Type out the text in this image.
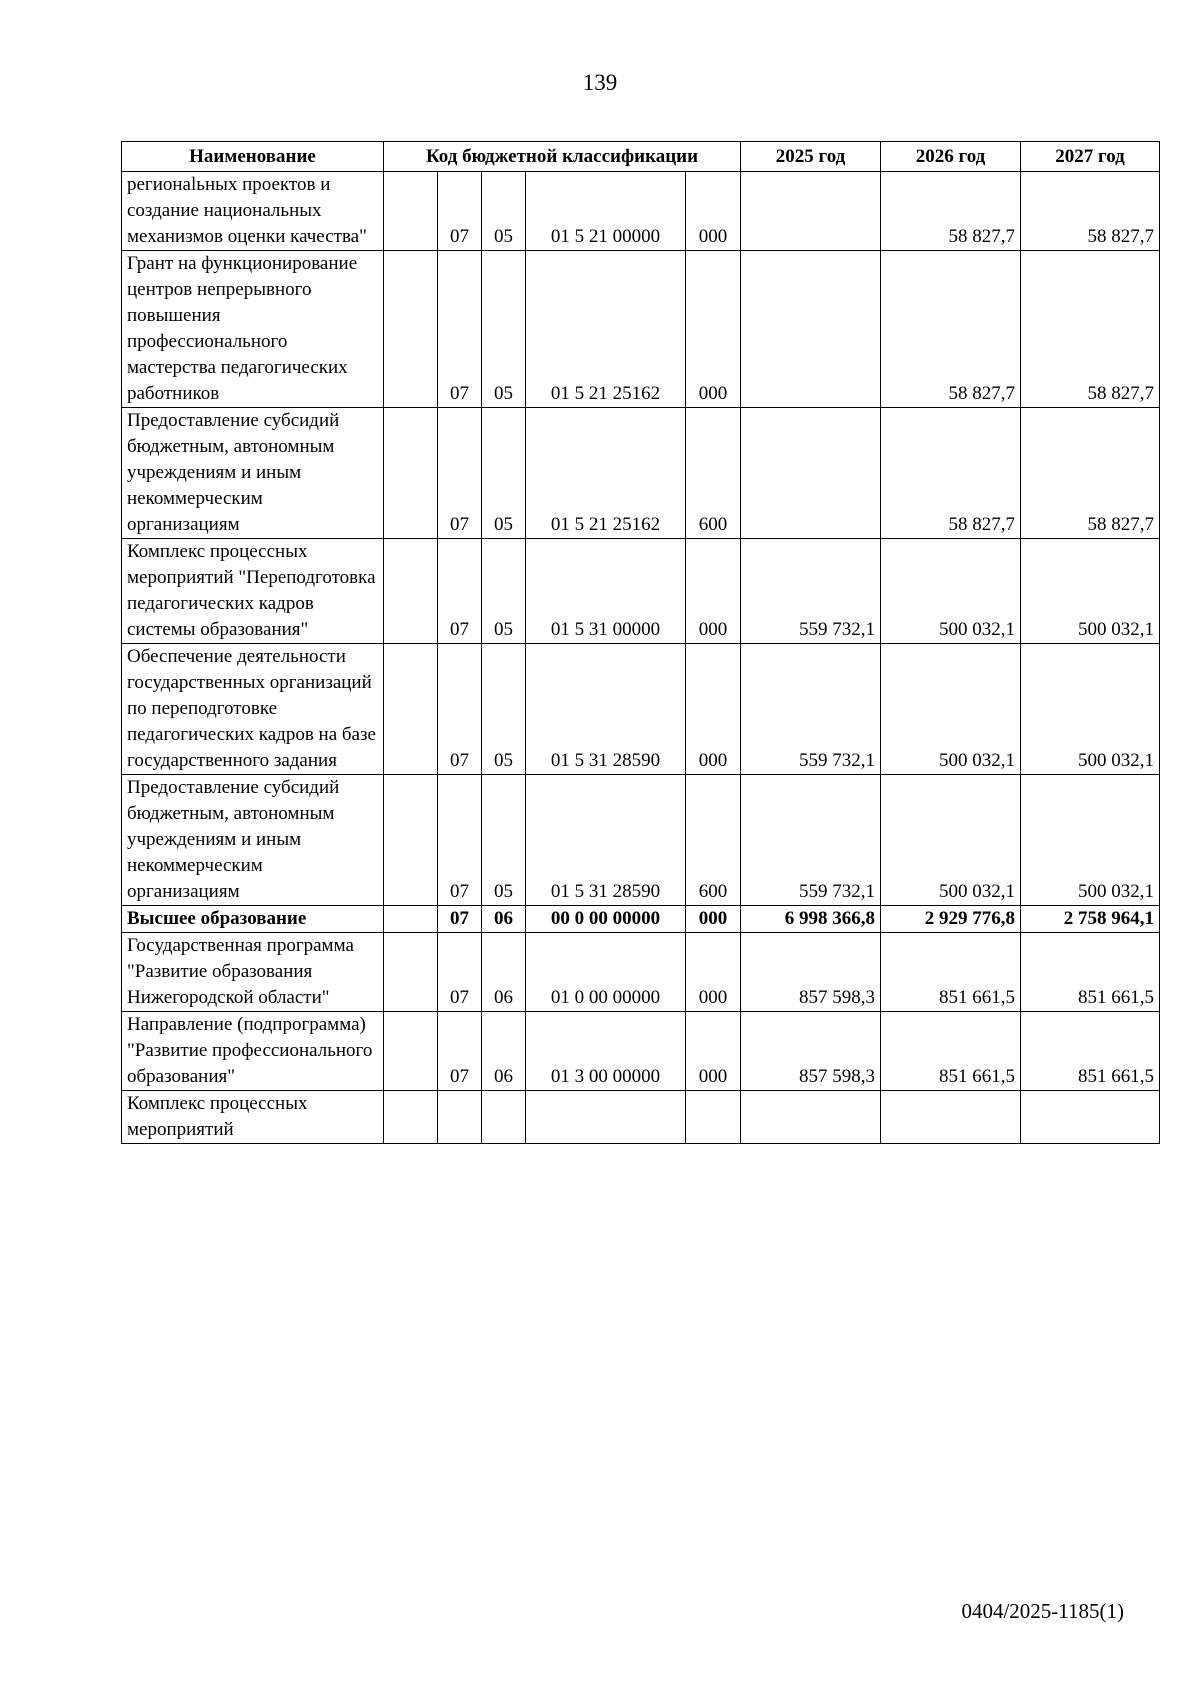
139
Наименование	Код бюджетной классификации					2025 год	2026 год	2027 год
регионalьных проектов и создание национальных механизмов оценки качества"		07	05	01 5 21 00000	000		58 827,7	58 827,7
Грант на функционирование центров непрерывного повышения профессионального мастерства педагогических работников		07	05	01 5 21 25162	000		58 827,7	58 827,7
Предоставление субсидий бюджетным, автономным учреждениям и иным некоммерческим организациям		07	05	01 5 21 25162	600		58 827,7	58 827,7
Комплекс процессных мероприятий "Переподготовка педагогических кадров системы образования"		07	05	01 5 31 00000	000	559 732,1	500 032,1	500 032,1
Обеспечение деятельности государственных организаций по переподготовке педагогических кадров на базе государственного задания		07	05	01 5 31 28590	000	559 732,1	500 032,1	500 032,1
Предоставление субсидий бюджетным, автономным учреждениям и иным некоммерческим организациям		07	05	01 5 31 28590	600	559 732,1	500 032,1	500 032,1
Высшее образование		07	06	00 0 00 00000	000	6 998 366,8	2 929 776,8	2 758 964,1
Государственная программа "Развитие образования Нижегородской области"		07	06	01 0 00 00000	000	857 598,3	851 661,5	851 661,5
Направление (подпрограмма) "Развитие профессионального образования"		07	06	01 3 00 00000	000	857 598,3	851 661,5	851 661,5
Комплекс процессных мероприятий								
0404/2025-1185(1)
